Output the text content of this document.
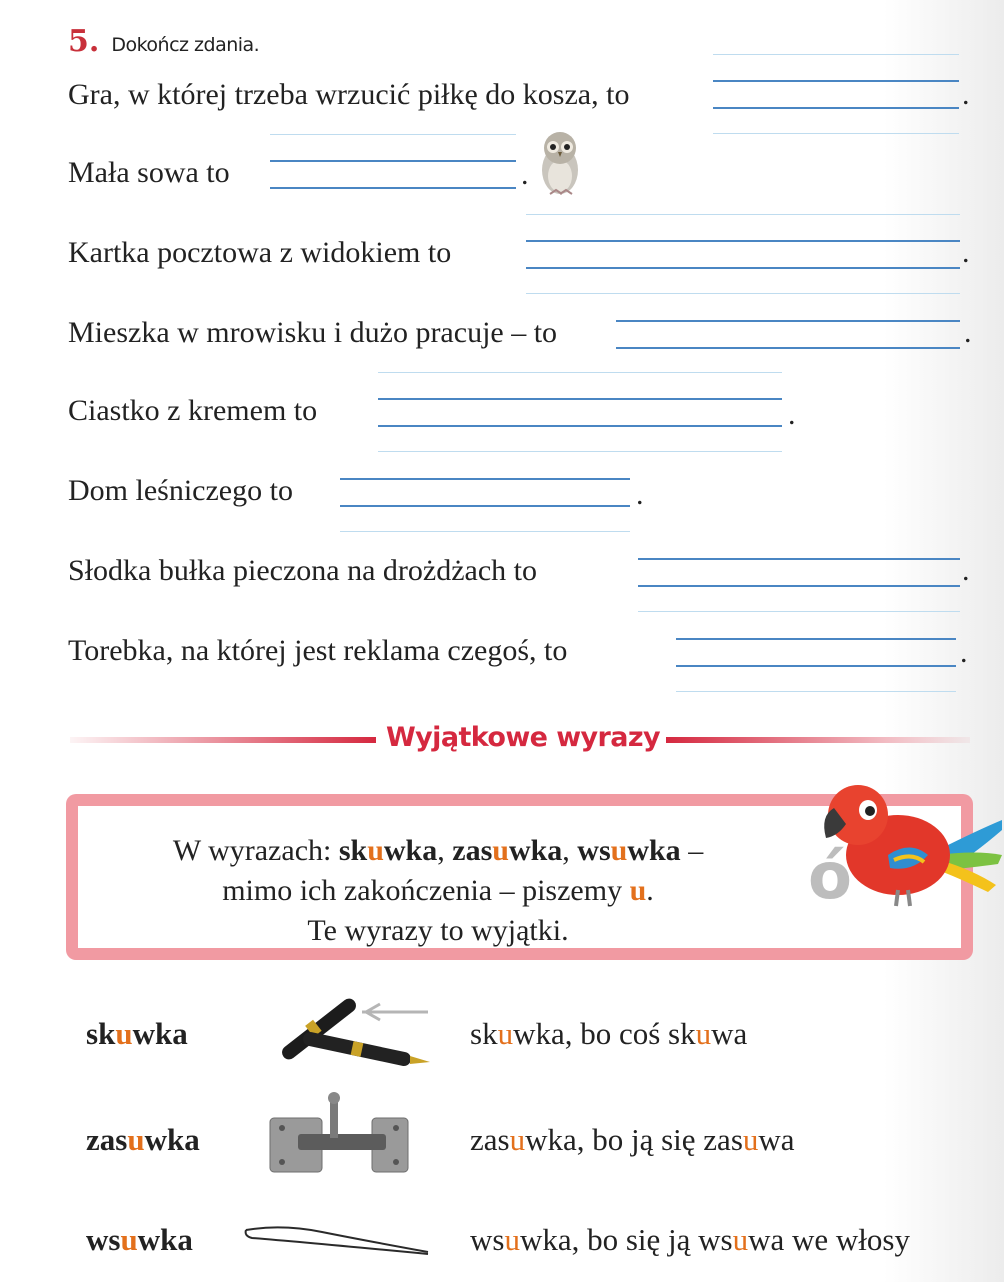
5. Dokończ zdania.
Gra, w której trzeba wrzucić piłkę do kosza, to	.
Mała sowa to	.
Kartka pocztowa z widokiem to	.
Mieszka w mrowisku i dużo pracuje – to	.
Ciastko z kremem to	.
Dom leśniczego to	.
Słodka bułka pieczona na drożdżach to	.
Torebka, na której jest reklama czegoś, to	.
Wyjątkowe wyrazy
W wyrazach: skuwka, zasuwka, wsuwka –
mimo ich zakończenia – piszemy u.
Te wyrazy to wyjątki.
ó
skuwka	skuwka, bo coś skuwa
zasuwka	zasuwka, bo ją się zasuwa
wsuwka	wsuwka, bo się ją wsuwa we włosy
